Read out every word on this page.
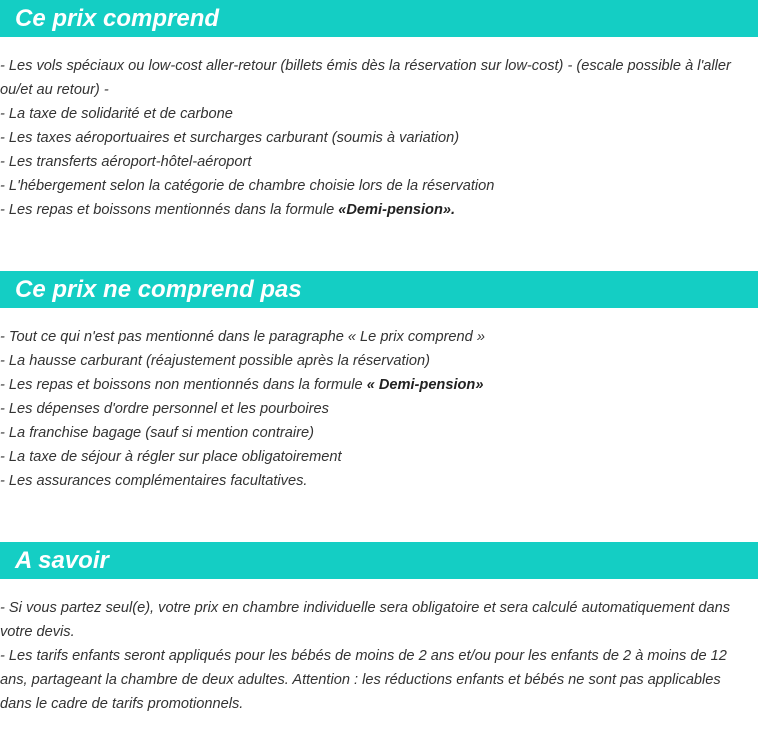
Ce prix comprend

- Les vols spéciaux ou low-cost aller-retour (billets émis dès la réservation sur low-cost) - (escale possible à l'aller ou/et au retour) -

- La taxe de solidarité et de carbone

- Les taxes aéroportuaires et surcharges carburant (soumis à variation)

- Les transferts aéroport-hôtel-aéroport

- L'hébergement selon la catégorie de chambre choisie lors de la réservation

- Les repas et boissons mentionnés dans la formule «Demi-pension».

Ce prix ne comprend pas

- Tout ce qui n'est pas mentionné dans le paragraphe « Le prix comprend »

- La hausse carburant (réajustement possible après la réservation)

- Les repas et boissons non mentionnés dans la formule « Demi-pension»

- Les dépenses d'ordre personnel et les pourboires

- La franchise bagage (sauf si mention contraire)

- La taxe de séjour à régler sur place obligatoirement

- Les assurances complémentaires facultatives.

A savoir

- Si vous partez seul(e), votre prix en chambre individuelle sera obligatoire et sera calculé automatiquement dans votre devis.

- Les tarifs enfants seront appliqués pour les bébés de moins de 2 ans et/ou pour les enfants de 2 à moins de 12 ans, partageant la chambre de deux adultes. Attention : les réductions enfants et bébés ne sont pas applicables dans le cadre de tarifs promotionnels.
